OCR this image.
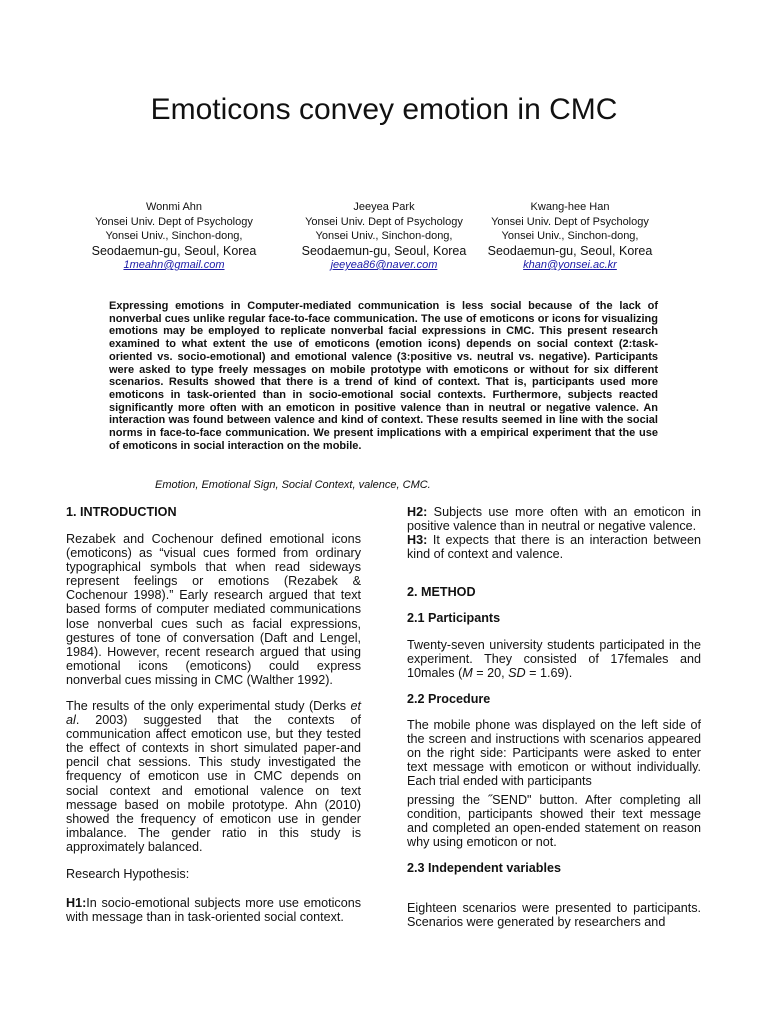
Emoticons convey emotion in CMC
Wonmi Ahn
Yonsei Univ. Dept of Psychology
Yonsei Univ., Sinchon-dong,
Seodaemun-gu, Seoul, Korea
1meahn@gmail.com
Jeeyea Park
Yonsei Univ. Dept of Psychology
Yonsei Univ., Sinchon-dong,
Seodaemun-gu, Seoul, Korea
jeeyea86@naver.com
Kwang-hee Han
Yonsei Univ. Dept of Psychology
Yonsei Univ., Sinchon-dong,
Seodaemun-gu, Seoul, Korea
khan@yonsei.ac.kr

Expressing emotions in Computer-mediated communication is less social because of the lack of nonverbal cues unlike regular face-to-face communication. The use of emoticons or icons for visualizing emotions may be employed to replicate nonverbal facial expressions in CMC. This present research examined to what extent the use of emoticons (emotion icons) depends on social context (2:task-oriented vs. socio-emotional) and emotional valence (3:positive vs. neutral vs. negative). Participants were asked to type freely messages on mobile prototype with emoticons or without for six different scenarios. Results showed that there is a trend of kind of context. That is, participants used more emoticons in task-oriented than in socio-emotional social contexts. Furthermore, subjects reacted significantly more often with an emoticon in positive valence than in neutral or negative valence. An interaction was found between valence and kind of context. These results seemed in line with the social norms in face-to-face communication. We present implications with a empirical experiment that the use of emoticons in social interaction on the mobile.

Emotion, Emotional Sign, Social Context, valence, CMC.

1. INTRODUCTION

Rezabek and Cochenour defined emotional icons (emoticons) as “visual cues formed from ordinary typographical symbols that when read sideways represent feelings or emotions (Rezabek & Cochenour 1998).” Early research argued that text based forms of computer mediated communications lose nonverbal cues such as facial expressions, gestures of tone of conversation (Daft and Lengel, 1984). However, recent research argued that using emotional icons (emoticons) could express nonverbal cues missing in CMC (Walther 1992).

The results of the only experimental study (Derks et al. 2003) suggested that the contexts of communication affect emoticon use, but they tested the effect of contexts in short simulated paper-and pencil chat sessions. This study investigated the frequency of emoticon use in CMC depends on social context and emotional valence on text message based on mobile prototype. Ahn (2010) showed the frequency of emoticon use in gender imbalance. The gender ratio in this study is approximately balanced.

Research Hypothesis:

H1:In socio-emotional subjects more use emoticons with message than in task-oriented social context.

H2: Subjects use more often with an emoticon in positive valence than in neutral or negative valence.

H3: It expects that there is an interaction between kind of context and valence.

2. METHOD
2.1 Participants

Twenty-seven university students participated in the experiment. They consisted of 17females and 10males (M = 20, SD = 1.69).

2.2 Procedure

The mobile phone was displayed on the left side of the screen and instructions with scenarios appeared on the right side: Participants were asked to enter text message with emoticon or without individually. Each trial ended with participants

pressing the ˝SEND" button. After completing all condition, participants showed their text message and completed an open-ended statement on reason why using emoticon or not.

2.3 Independent variables

Eighteen scenarios were presented to participants. Scenarios were generated by researchers and
